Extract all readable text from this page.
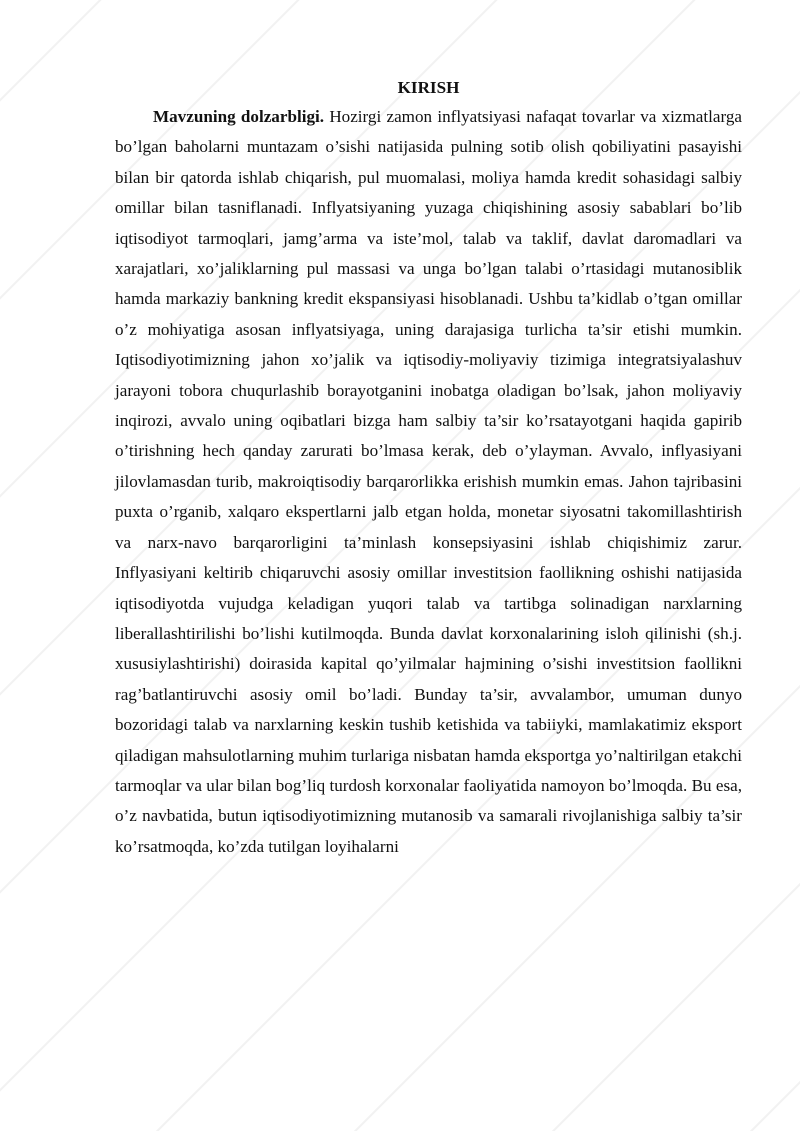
KIRISH

Mavzuning dolzarbligi. Hozirgi zamon inflyatsiyasi nafaqat tovarlar va xizmatlarga bo’lgan baholarni muntazam o’sishi natijasida pulning sotib olish qobiliyatini pasayishi bilan bir qatorda ishlab chiqarish, pul muomalasi, moliya hamda kredit sohasidagi salbiy omillar bilan tasniflanadi. Inflyatsiyaning yuzaga chiqishining asosiy sabablari bo’lib iqtisodiyot tarmoqlari, jamg’arma va iste’mol, talab va taklif, davlat daromadlari va xarajatlari, xo’jaliklarning pul massasi va unga bo’lgan talabi o’rtasidagi mutanosiblik hamda markaziy bankning kredit ekspansiyasi hisoblanadi. Ushbu ta’kidlab o’tgan omillar o’z mohiyatiga asosan inflyatsiyaga, uning darajasiga turlicha ta’sir etishi mumkin. Iqtisodiyotimizning jahon xo’jalik va iqtisodiy-moliyaviy tizimiga integratsiyalashuv jarayoni tobora chuqurlashib borayotganini inobatga oladigan bo’lsak, jahon moliyaviy inqirozi, avvalo uning oqibatlari bizga ham salbiy ta’sir ko’rsatayotgani haqida gapirib o’tirishning hech qanday zarurati bo’lmasa kerak, deb o’ylayman. Avvalo, inflyasiyani jilovlamasdan turib, makroiqtisodiy barqarorlikka erishish mumkin emas. Jahon tajribasini puxta o’rganib, xalqaro ekspertlarni jalb etgan holda, monetar siyosatni takomillashtirish va narx-navo barqarorligini ta’minlash konsepsiyasini ishlab chiqishimiz zarur. Inflyasiyani keltirib chiqaruvchi asosiy omillar investitsion faollikning oshishi natijasida iqtisodiyotda vujudga keladigan yuqori talab va tartibga solinadigan narxlarning liberallashtirilishi bo’lishi kutilmoqda. Bunda davlat korxonalarining isloh qilinishi (sh.j. xususiylashtirishi) doirasida kapital qo’yilmalar hajmining o’sishi investitsion faollikni rag’batlantiruvchi asosiy omil bo’ladi. Bunday ta’sir, avvalambor, umuman dunyo bozoridagi talab va narxlarning keskin tushib ketishida va tabiiyki, mamlakatimiz eksport qiladigan mahsulotlarning muhim turlariga nisbatan hamda eksportga yo’naltirilgan etakchi tarmoqlar va ular bilan bog’liq turdosh korxonalar faoliyatida namoyon bo’lmoqda. Bu esa, o’z navbatida, butun iqtisodiyotimizning mutanosib va samarali rivojlanishiga salbiy ta’sir ko’rsatmoqda, ko’zda tutilgan loyihalarni
